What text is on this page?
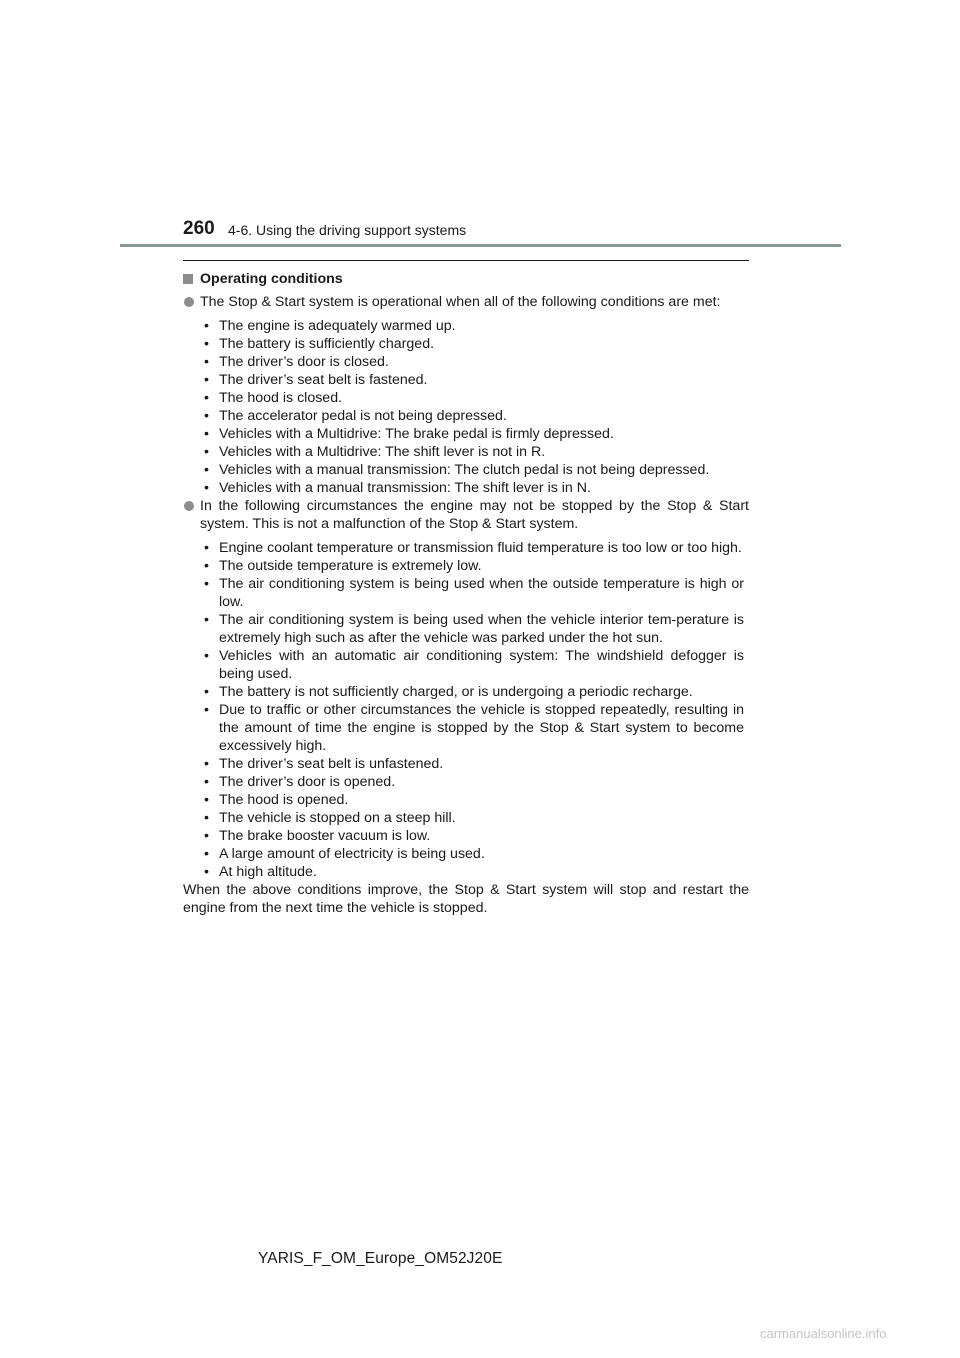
260 4-6. Using the driving support systems
Operating conditions
The Stop & Start system is operational when all of the following conditions are met:
• The engine is adequately warmed up.
• The battery is sufficiently charged.
• The driver’s door is closed.
• The driver’s seat belt is fastened.
• The hood is closed.
• The accelerator pedal is not being depressed.
• Vehicles with a Multidrive: The brake pedal is firmly depressed.
• Vehicles with a Multidrive: The shift lever is not in R.
• Vehicles with a manual transmission: The clutch pedal is not being depressed.
• Vehicles with a manual transmission: The shift lever is in N.
In the following circumstances the engine may not be stopped by the Stop & Start system. This is not a malfunction of the Stop & Start system.
• Engine coolant temperature or transmission fluid temperature is too low or too high.
• The outside temperature is extremely low.
• The air conditioning system is being used when the outside temperature is high or low.
• The air conditioning system is being used when the vehicle interior tem-perature is extremely high such as after the vehicle was parked under the hot sun.
• Vehicles with an automatic air conditioning system: The windshield defogger is being used.
• The battery is not sufficiently charged, or is undergoing a periodic recharge.
• Due to traffic or other circumstances the vehicle is stopped repeatedly, resulting in the amount of time the engine is stopped by the Stop & Start system to become excessively high.
• The driver’s seat belt is unfastened.
• The driver’s door is opened.
• The hood is opened.
• The vehicle is stopped on a steep hill.
• The brake booster vacuum is low.
• A large amount of electricity is being used.
• At high altitude.

When the above conditions improve, the Stop & Start system will stop and restart the engine from the next time the vehicle is stopped.

YARIS_F_OM_Europe_OM52J20E
carmanualsonline.info
